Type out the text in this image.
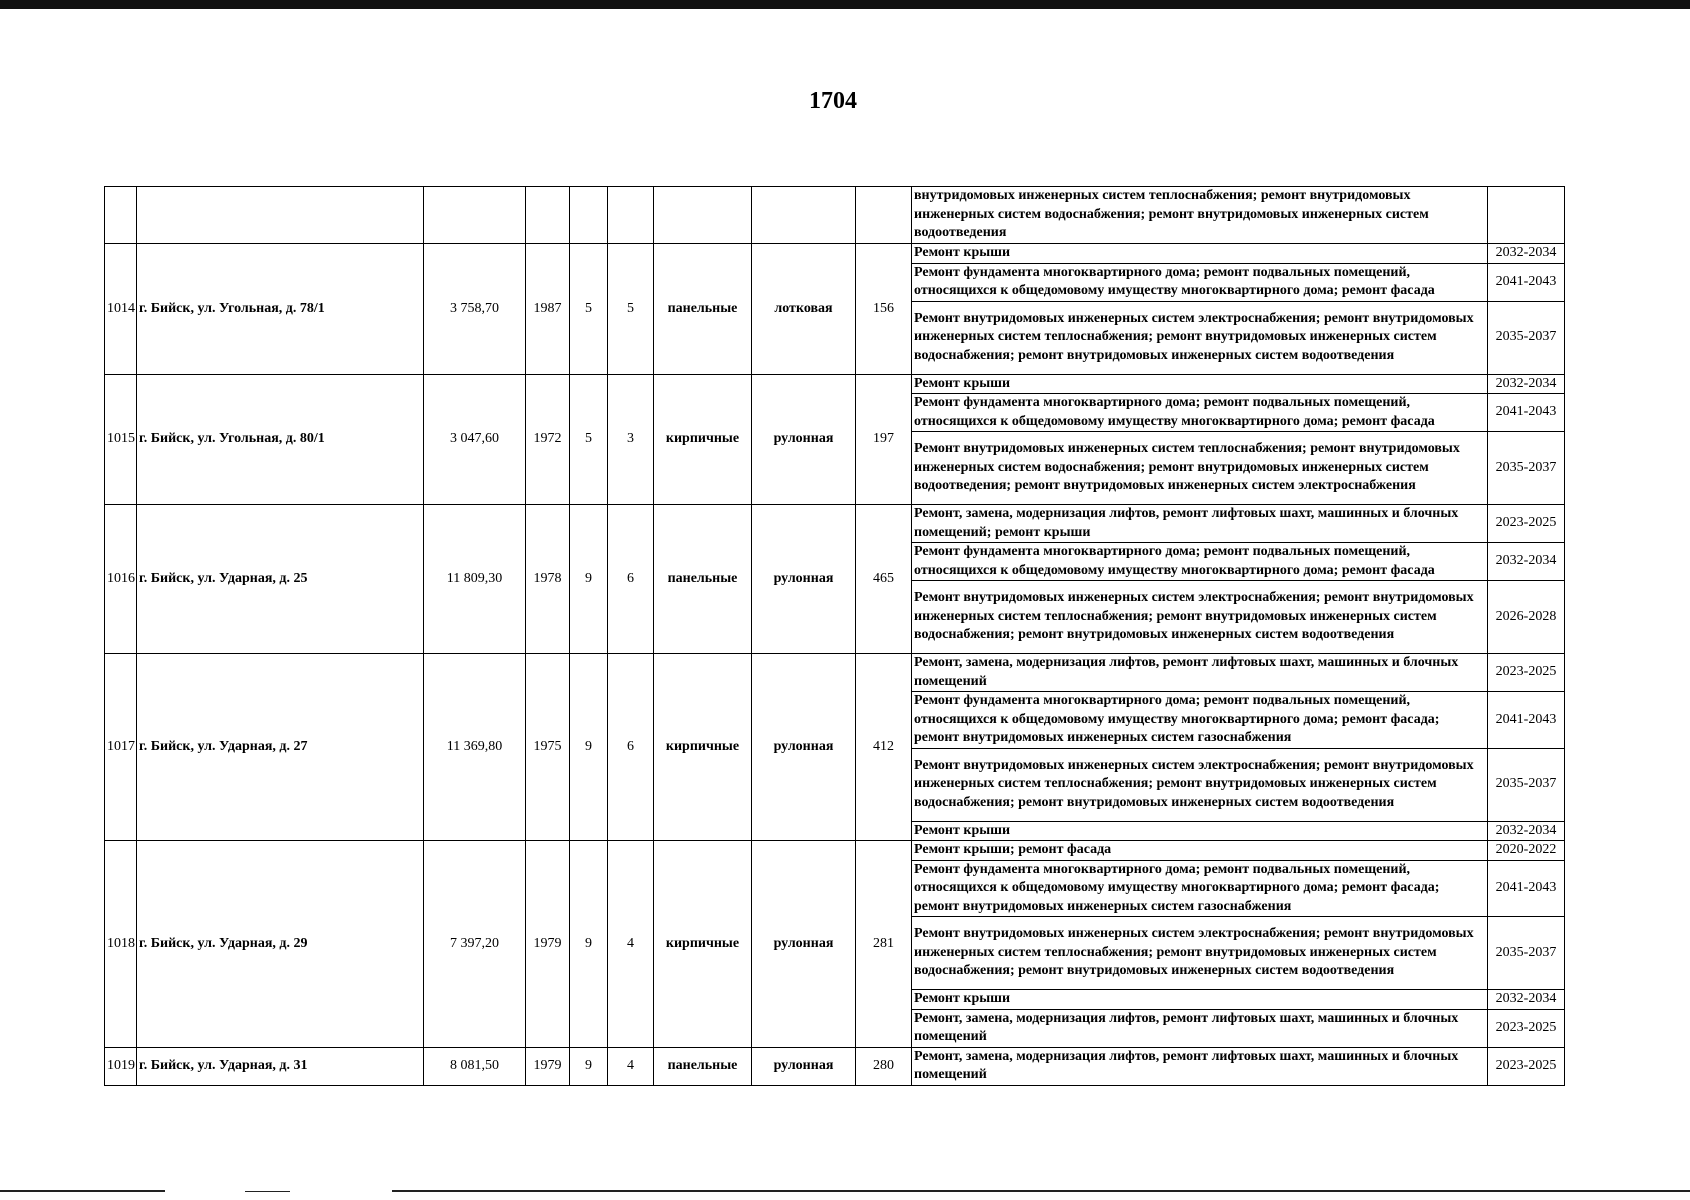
1704
									внутридомовых инженерных систем теплоснабжения; ремонт внутридомовых инженерных систем водоснабжения; ремонт внутридомовых инженерных систем водоотведения	
1014	г. Бийск, ул. Угольная, д. 78/1	3 758,70	1987	5	5	панельные	лотковая	156	Ремонт крыши	2032-2034
									Ремонт фундамента многоквартирного дома; ремонт подвальных помещений, относящихся к общедомовому имуществу многоквартирного дома; ремонт фасада	2041-2043
									Ремонт внутридомовых инженерных систем электроснабжения; ремонт внутридомовых инженерных систем теплоснабжения; ремонт внутридомовых инженерных систем водоснабжения; ремонт внутридомовых инженерных систем водоотведения	2035-2037
1015	г. Бийск, ул. Угольная, д. 80/1	3 047,60	1972	5	3	кирпичные	рулонная	197	Ремонт крыши	2032-2034
									Ремонт фундамента многоквартирного дома; ремонт подвальных помещений, относящихся к общедомовому имуществу многоквартирного дома; ремонт фасада	2041-2043
									Ремонт внутридомовых инженерных систем теплоснабжения; ремонт внутридомовых инженерных систем водоснабжения; ремонт внутридомовых инженерных систем водоотведения; ремонт внутридомовых инженерных систем электроснабжения	2035-2037
1016	г. Бийск, ул. Ударная, д. 25	11 809,30	1978	9	6	панельные	рулонная	465	Ремонт, замена, модернизация лифтов, ремонт лифтовых шахт, машинных и блочных помещений; ремонт крыши	2023-2025
									Ремонт фундамента многоквартирного дома; ремонт подвальных помещений, относящихся к общедомовому имуществу многоквартирного дома; ремонт фасада	2032-2034
									Ремонт внутридомовых инженерных систем электроснабжения; ремонт внутридомовых инженерных систем теплоснабжения; ремонт внутридомовых инженерных систем водоснабжения; ремонт внутридомовых инженерных систем водоотведения	2026-2028
1017	г. Бийск, ул. Ударная, д. 27	11 369,80	1975	9	6	кирпичные	рулонная	412	Ремонт, замена, модернизация лифтов, ремонт лифтовых шахт, машинных и блочных помещений	2023-2025
									Ремонт фундамента многоквартирного дома; ремонт подвальных помещений, относящихся к общедомовому имуществу многоквартирного дома; ремонт фасада; ремонт внутридомовых инженерных систем газоснабжения	2041-2043
									Ремонт внутридомовых инженерных систем электроснабжения; ремонт внутридомовых инженерных систем теплоснабжения; ремонт внутридомовых инженерных систем водоснабжения; ремонт внутридомовых инженерных систем водоотведения	2035-2037
									Ремонт крыши	2032-2034
1018	г. Бийск, ул. Ударная, д. 29	7 397,20	1979	9	4	кирпичные	рулонная	281	Ремонт крыши; ремонт фасада	2020-2022
									Ремонт фундамента многоквартирного дома; ремонт подвальных помещений, относящихся к общедомовому имуществу многоквартирного дома; ремонт фасада; ремонт внутридомовых инженерных систем газоснабжения	2041-2043
									Ремонт внутридомовых инженерных систем электроснабжения; ремонт внутридомовых инженерных систем теплоснабжения; ремонт внутридомовых инженерных систем водоснабжения; ремонт внутридомовых инженерных систем водоотведения	2035-2037
									Ремонт крыши	2032-2034
									Ремонт, замена, модернизация лифтов, ремонт лифтовых шахт, машинных и блочных помещений	2023-2025
1019	г. Бийск, ул. Ударная, д. 31	8 081,50	1979	9	4	панельные	рулонная	280	Ремонт, замена, модернизация лифтов, ремонт лифтовых шахт, машинных и блочных помещений	2023-2025
